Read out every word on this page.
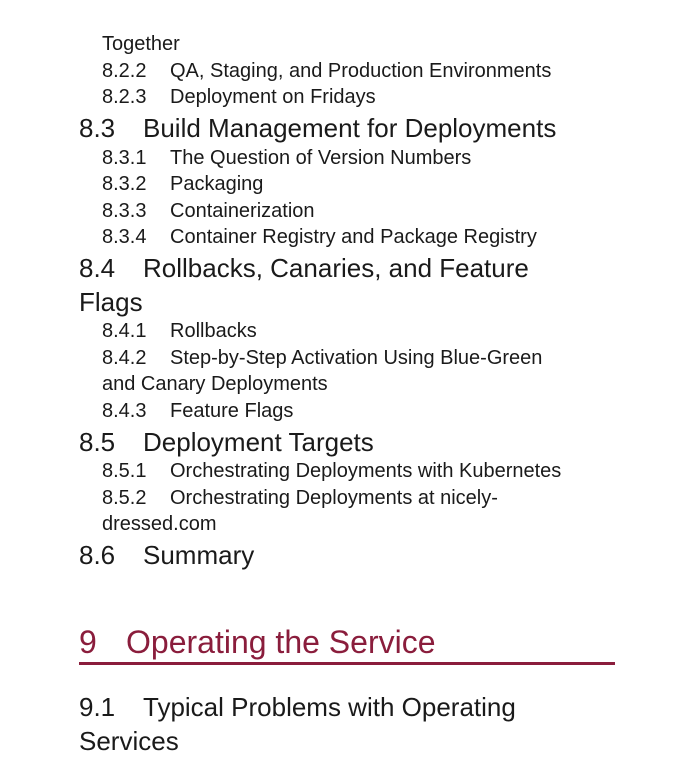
Together
8.2.2 QA, Staging, and Production Environments
8.2.3 Deployment on Fridays
8.3 Build Management for Deployments
8.3.1 The Question of Version Numbers
8.3.2 Packaging
8.3.3 Containerization
8.3.4 Container Registry and Package Registry
8.4 Rollbacks, Canaries, and Feature
Flags
8.4.1 Rollbacks
8.4.2 Step-by-Step Activation Using Blue-Green
and Canary Deployments
8.4.3 Feature Flags
8.5 Deployment Targets
8.5.1 Orchestrating Deployments with Kubernetes
8.5.2 Orchestrating Deployments at nicely-
dressed.com
8.6 Summary
9 Operating the Service
9.1 Typical Problems with Operating
Services
